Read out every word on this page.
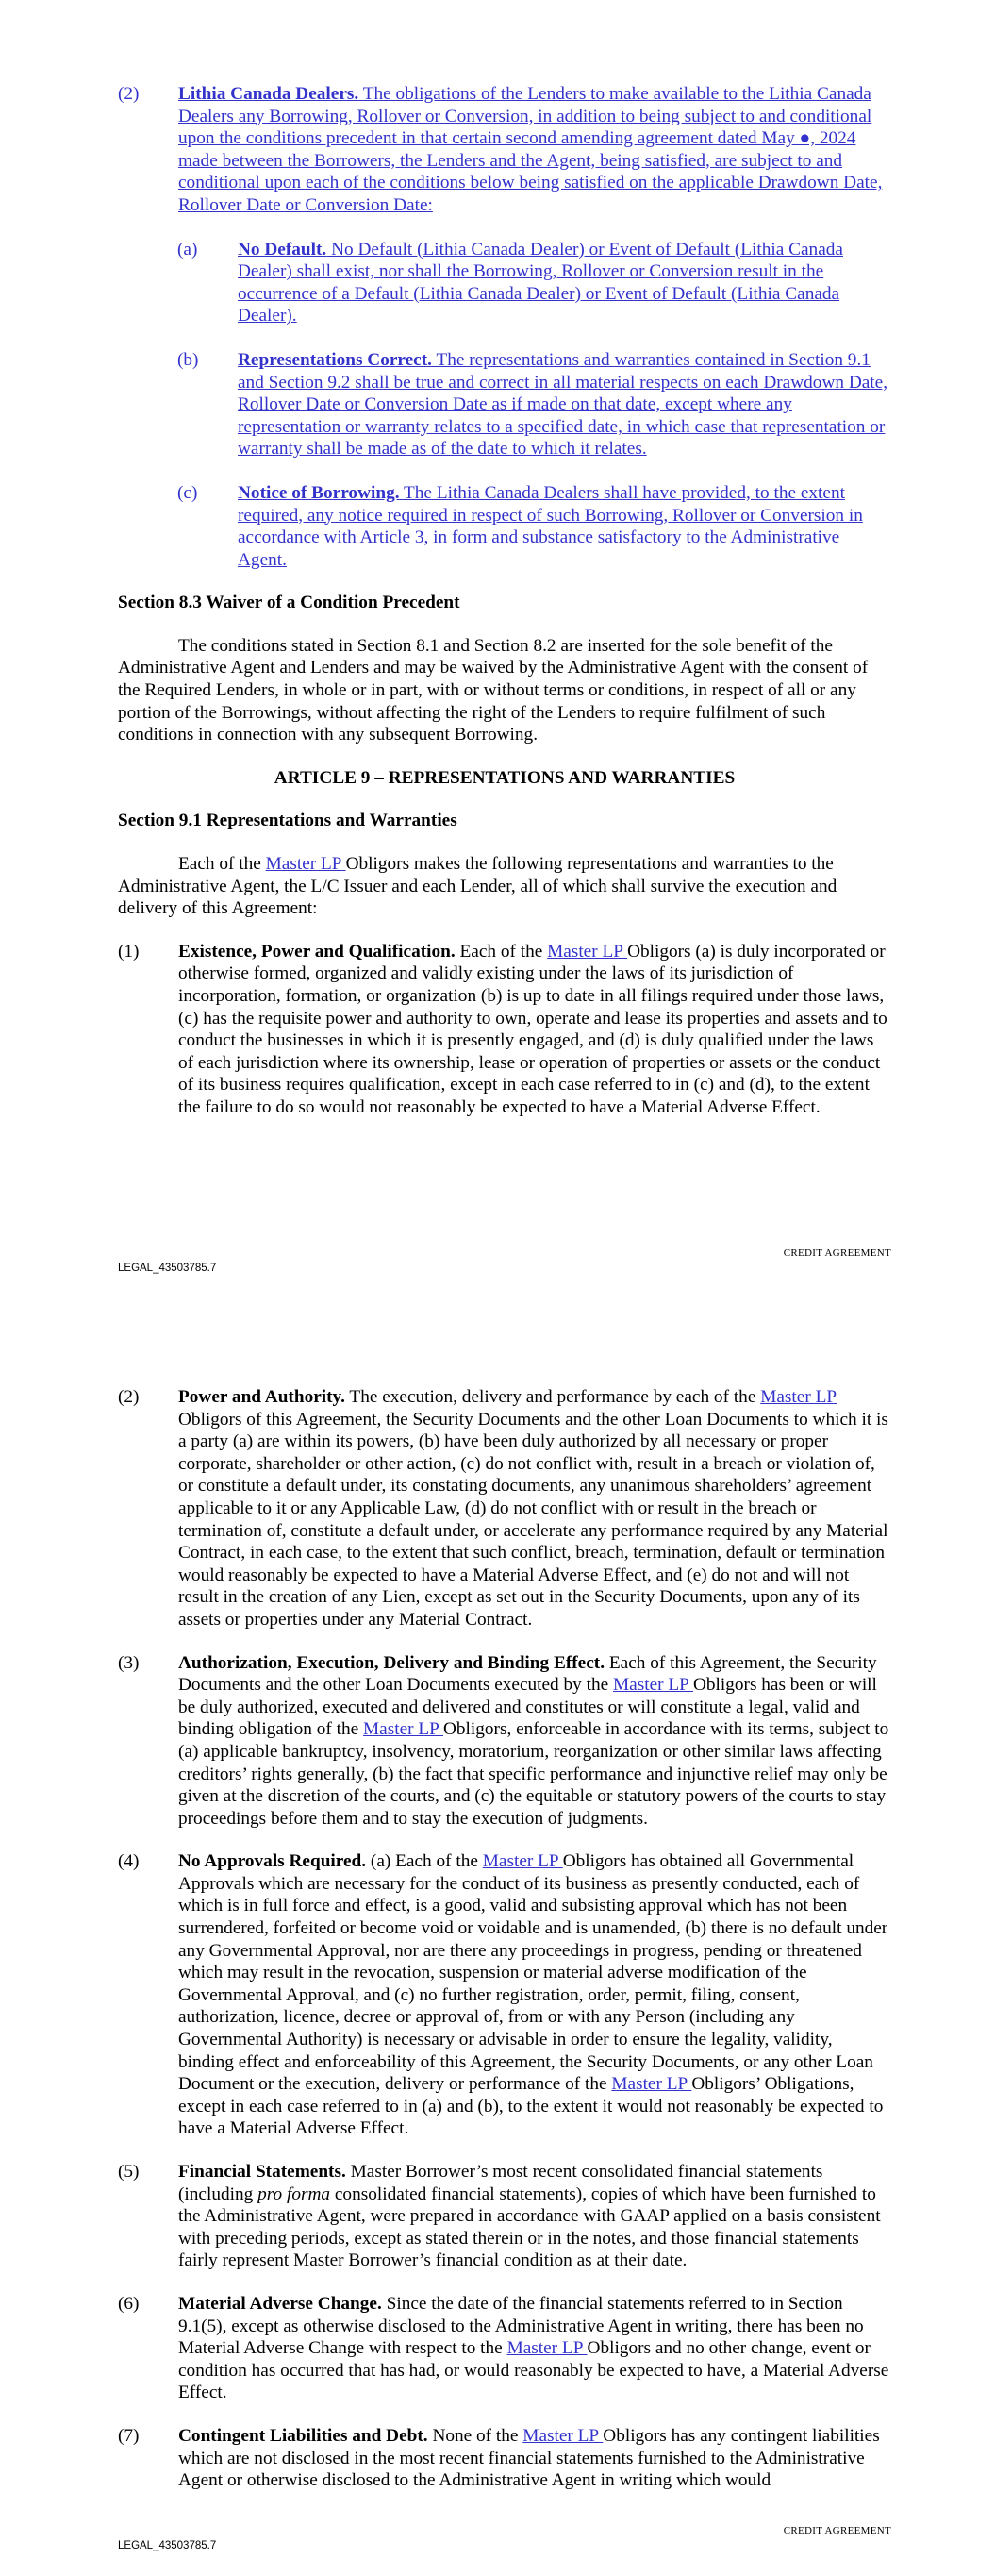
(2) Lithia Canada Dealers. The obligations of the Lenders to make available to the Lithia Canada Dealers any Borrowing, Rollover or Conversion, in addition to being subject to and conditional upon the conditions precedent in that certain second amending agreement dated May ●, 2024 made between the Borrowers, the Lenders and the Agent, being satisfied, are subject to and conditional upon each of the conditions below being satisfied on the applicable Drawdown Date, Rollover Date or Conversion Date:

(a) No Default. No Default (Lithia Canada Dealer) or Event of Default (Lithia Canada Dealer) shall exist, nor shall the Borrowing, Rollover or Conversion result in the occurrence of a Default (Lithia Canada Dealer) or Event of Default (Lithia Canada Dealer).

(b) Representations Correct. The representations and warranties contained in Section 9.1 and Section 9.2 shall be true and correct in all material respects on each Drawdown Date, Rollover Date or Conversion Date as if made on that date, except where any representation or warranty relates to a specified date, in which case that representation or warranty shall be made as of the date to which it relates.

(c) Notice of Borrowing. The Lithia Canada Dealers shall have provided, to the extent required, any notice required in respect of such Borrowing, Rollover or Conversion in accordance with Article 3, in form and substance satisfactory to the Administrative Agent.

Section 8.3 Waiver of a Condition Precedent

The conditions stated in Section 8.1 and Section 8.2 are inserted for the sole benefit of the Administrative Agent and Lenders and may be waived by the Administrative Agent with the consent of the Required Lenders, in whole or in part, with or without terms or conditions, in respect of all or any portion of the Borrowings, without affecting the right of the Lenders to require fulfilment of such conditions in connection with any subsequent Borrowing.

ARTICLE 9 – REPRESENTATIONS AND WARRANTIES

Section 9.1 Representations and Warranties

Each of the Master LP Obligors makes the following representations and warranties to the Administrative Agent, the L/C Issuer and each Lender, all of which shall survive the execution and delivery of this Agreement:

(1) Existence, Power and Qualification. Each of the Master LP Obligors (a) is duly incorporated or otherwise formed, organized and validly existing under the laws of its jurisdiction of incorporation, formation, or organization (b) is up to date in all filings required under those laws, (c) has the requisite power and authority to own, operate and lease its properties and assets and to conduct the businesses in which it is presently engaged, and (d) is duly qualified under the laws of each jurisdiction where its ownership, lease or operation of properties or assets or the conduct of its business requires qualification, except in each case referred to in (c) and (d), to the extent the failure to do so would not reasonably be expected to have a Material Adverse Effect.

CREDIT AGREEMENT
LEGAL_43503785.7

(2) Power and Authority. The execution, delivery and performance by each of the Master LP Obligors of this Agreement, the Security Documents and the other Loan Documents to which it is a party (a) are within its powers, (b) have been duly authorized by all necessary or proper corporate, shareholder or other action, (c) do not conflict with, result in a breach or violation of, or constitute a default under, its constating documents, any unanimous shareholders’ agreement applicable to it or any Applicable Law, (d) do not conflict with or result in the breach or termination of, constitute a default under, or accelerate any performance required by any Material Contract, in each case, to the extent that such conflict, breach, termination, default or termination would reasonably be expected to have a Material Adverse Effect, and (e) do not and will not result in the creation of any Lien, except as set out in the Security Documents, upon any of its assets or properties under any Material Contract.

(3) Authorization, Execution, Delivery and Binding Effect. Each of this Agreement, the Security Documents and the other Loan Documents executed by the Master LP Obligors has been or will be duly authorized, executed and delivered and constitutes or will constitute a legal, valid and binding obligation of the Master LP Obligors, enforceable in accordance with its terms, subject to (a) applicable bankruptcy, insolvency, moratorium, reorganization or other similar laws affecting creditors’ rights generally, (b) the fact that specific performance and injunctive relief may only be given at the discretion of the courts, and (c) the equitable or statutory powers of the courts to stay proceedings before them and to stay the execution of judgments.

(4) No Approvals Required. (a) Each of the Master LP Obligors has obtained all Governmental Approvals which are necessary for the conduct of its business as presently conducted, each of which is in full force and effect, is a good, valid and subsisting approval which has not been surrendered, forfeited or become void or voidable and is unamended, (b) there is no default under any Governmental Approval, nor are there any proceedings in progress, pending or threatened which may result in the revocation, suspension or material adverse modification of the Governmental Approval, and (c) no further registration, order, permit, filing, consent, authorization, licence, decree or approval of, from or with any Person (including any Governmental Authority) is necessary or advisable in order to ensure the legality, validity, binding effect and enforceability of this Agreement, the Security Documents, or any other Loan Document or the execution, delivery or performance of the Master LP Obligors’ Obligations, except in each case referred to in (a) and (b), to the extent it would not reasonably be expected to have a Material Adverse Effect.

(5) Financial Statements. Master Borrower’s most recent consolidated financial statements (including pro forma consolidated financial statements), copies of which have been furnished to the Administrative Agent, were prepared in accordance with GAAP applied on a basis consistent with preceding periods, except as stated therein or in the notes, and those financial statements fairly represent Master Borrower’s financial condition as at their date.

(6) Material Adverse Change. Since the date of the financial statements referred to in Section 9.1(5), except as otherwise disclosed to the Administrative Agent in writing, there has been no Material Adverse Change with respect to the Master LP Obligors and no other change, event or condition has occurred that has had, or would reasonably be expected to have, a Material Adverse Effect.

(7) Contingent Liabilities and Debt. None of the Master LP Obligors has any contingent liabilities which are not disclosed in the most recent financial statements furnished to the Administrative Agent or otherwise disclosed to the Administrative Agent in writing which would

CREDIT AGREEMENT
LEGAL_43503785.7
